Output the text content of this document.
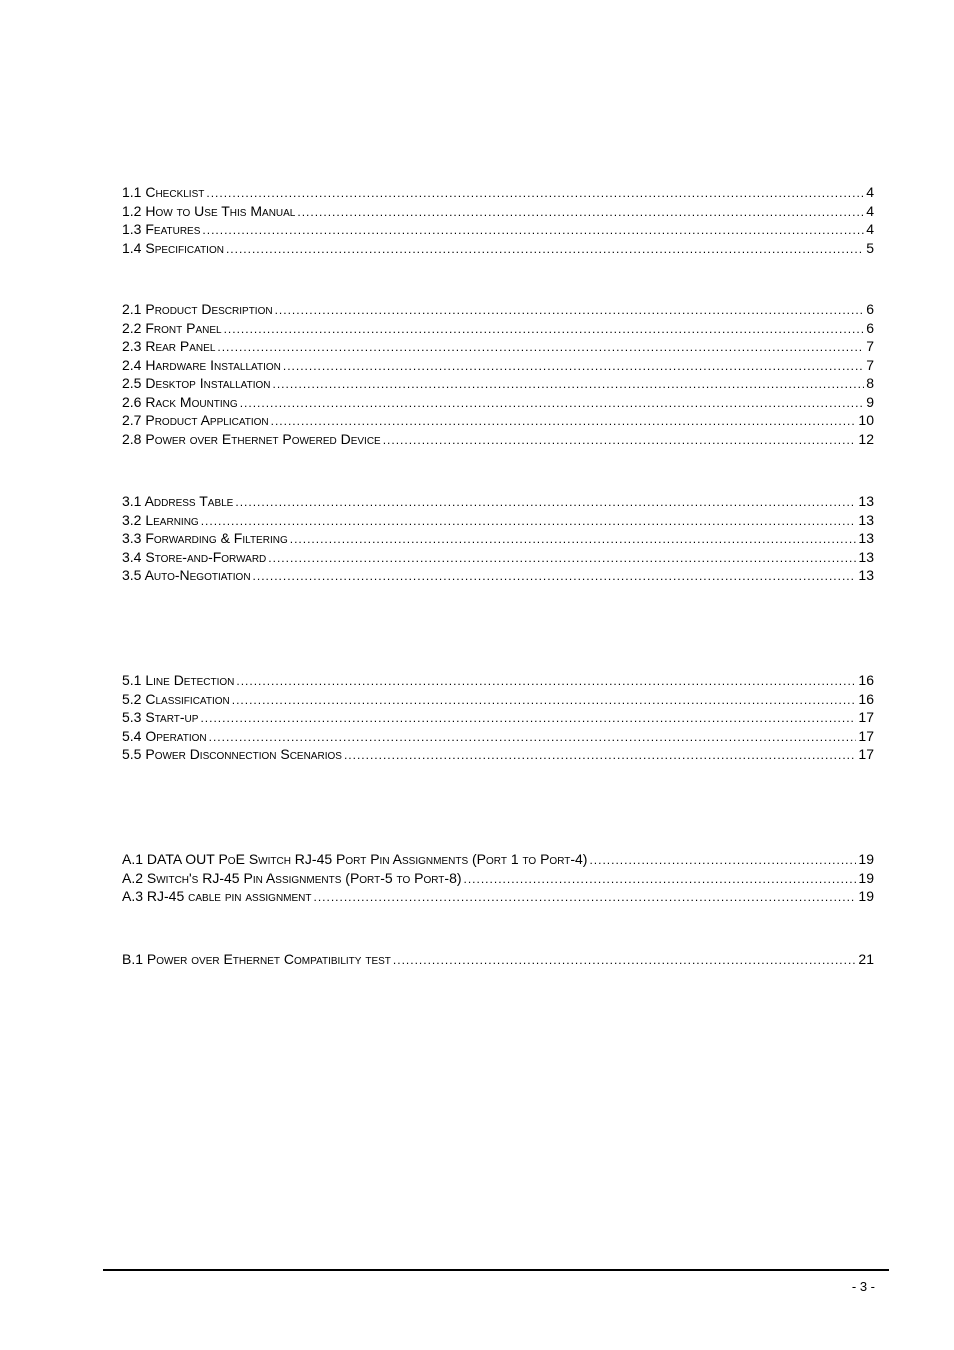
1.1 Checklist .....	4
1.2 How to Use This Manual .....	4
1.3 Features .....	4
1.4 Specification .....	5
2.1 Product Description .....	6
2.2 Front Panel .....	6
2.3 Rear Panel .....	7
2.4 Hardware Installation .....	7
2.5 Desktop Installation .....	8
2.6 Rack Mounting .....	9
2.7 Product Application .....	10
2.8 Power over Ethernet Powered Device .....	12
3.1 Address Table .....	13
3.2 Learning .....	13
3.3 Forwarding & Filtering .....	13
3.4 Store-and-Forward .....	13
3.5 Auto-Negotiation .....	13
5.1 Line Detection .....	16
5.2 Classification .....	16
5.3 Start-up .....	17
5.4 Operation .....	17
5.5 Power Disconnection Scenarios .....	17
A.1 DATA OUT PoE Switch RJ-45 Port Pin Assignments (Port 1 to Port-4) .....	19
A.2 Switch's RJ-45 Pin Assignments (Port-5 to Port-8) .....	19
A.3 RJ-45 cable pin assignment .....	19
B.1 Power over Ethernet Compatibility test .....	21
- 3 -
